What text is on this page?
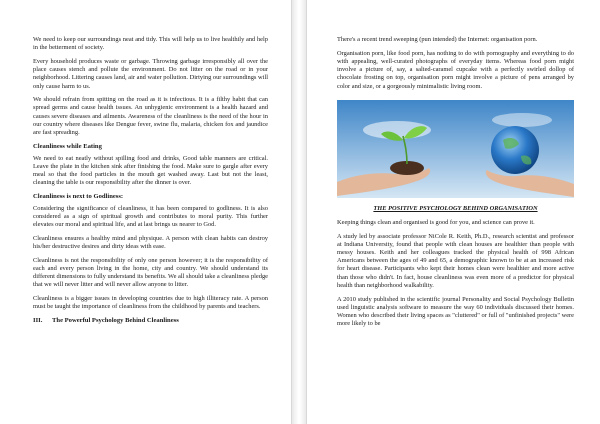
We need to keep our surroundings neat and tidy. This will help us to live healthily and help in the betterment of society.

Every household produces waste or garbage. Throwing garbage irresponsibly all over the place causes stench and pollute the environment. Do not litter on the road or in your neighborhood. Littering causes land, air and water pollution. Dirtying our surroundings will only cause harm to us.

We should refrain from spitting on the road as it is infectious. It is a filthy habit that can spread germs and cause health issues. An unhygienic environment is a health hazard and causes severe diseases and ailments. Awareness of the cleanliness is the need of the hour in our country where diseases like Dengue fever, swine flu, malaria, chicken fox and jaundice are fast spreading.

Cleanliness while Eating

We need to eat neatly without spilling food and drinks, Good table manners are critical. Leave the plate in the kitchen sink after finishing the food. Make sure to gargle after every meal so that the food particles in the mouth get washed away. Last but not the least, cleaning the table is our responsibility after the dinner is over.

Cleanliness is next to Godliness:

Considering the significance of cleanliness, it has been compared to godliness. It is also considered as a sign of spiritual growth and contributes to moral purity. This further elevates our moral and spiritual life, and at last brings us nearer to God.

Cleanliness ensures a healthy mind and physique. A person with clean habits can destroy his/her destructive desires and dirty ideas with ease.

Cleanliness is not the responsibility of only one person however; it is the responsibility of each and every person living in the home, city and country. We should understand its different dimensions to fully understand its benefits. We all should take a cleanliness pledge that we will never litter and will never allow anyone to litter.

Cleanliness is a bigger issues in developing countries due to high illiteracy rate. A person must be taught the importance of cleanliness from the childhood by parents and teachers.

III. The Powerful Psychology Behind Cleanliness

There's a recent trend sweeping (pun intended) the Internet: organisation porn.

Organisation porn, like food porn, has nothing to do with pornography and everything to do with appealing, well-curated photographs of everyday items. Whereas food porn might involve a picture of, say, a salted-caramel cupcake with a perfectly swirled dollop of chocolate frosting on top, organisation porn might involve a picture of pens arranged by color and size, or a gorgeously minimalistic living room.

THE POSITIVE PSYCHOLOGY BEHIND ORGANISATION

Keeping things clean and organised is good for you, and science can prove it.

A study led by associate professor NiCole R. Keith, Ph.D., research scientist and professor at Indiana University, found that people with clean houses are healthier than people with messy houses. Keith and her colleagues tracked the physical health of 998 African Americans between the ages of 49 and 65, a demographic known to be at an increased risk for heart disease. Participants who kept their homes clean were healthier and more active than those who didn't. In fact, house cleanliness was even more of a predictor for physical health than neighborhood walkability.

A 2010 study published in the scientific journal Personality and Social Psychology Bulletin used linguistic analysis software to measure the way 60 individuals discussed their homes. Women who described their living spaces as "cluttered" or full of "unfinished projects" were more likely to be
